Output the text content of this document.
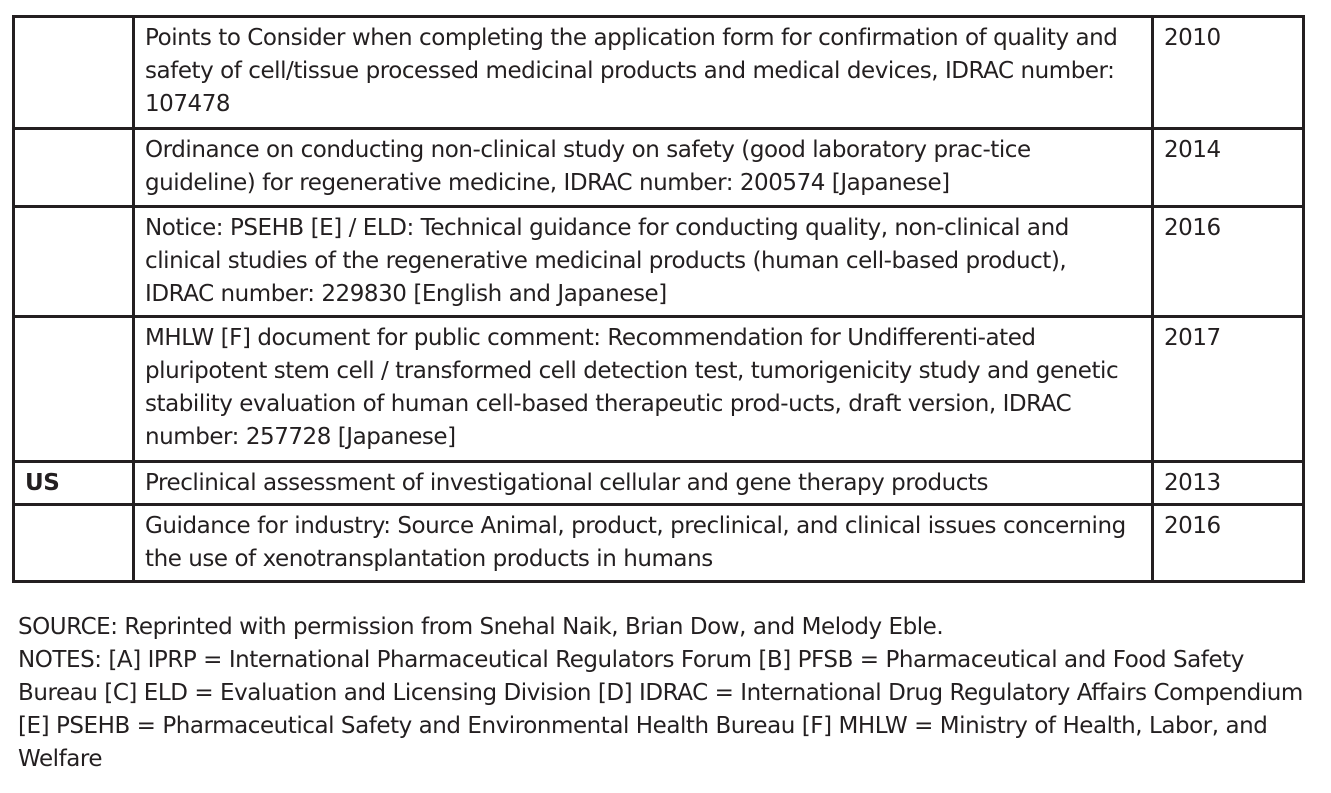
	Points to Consider when completing the application form for confirmation of quality and safety of cell/tissue processed medicinal products and medical devices, IDRAC number: 107478	2010
	Ordinance on conducting non-clinical study on safety (good laboratory prac-tice guideline) for regenerative medicine, IDRAC number: 200574 [Japanese]	2014
	Notice: PSEHB [E] / ELD: Technical guidance for conducting quality, non-clinical and clinical studies of the regenerative medicinal products (human cell-based product), IDRAC number: 229830 [English and Japanese]	2016
	MHLW [F] document for public comment: Recommendation for Undifferenti-ated pluripotent stem cell / transformed cell detection test, tumorigenicity study and genetic stability evaluation of human cell-based therapeutic prod-ucts, draft version, IDRAC number: 257728 [Japanese]	2017
US	Preclinical assessment of investigational cellular and gene therapy products	2013
	Guidance for industry: Source Animal, product, preclinical, and clinical issues concerning the use of xenotransplantation products in humans	2016

SOURCE: Reprinted with permission from Snehal Naik, Brian Dow, and Melody Eble.

NOTES: [A] IPRP = International Pharmaceutical Regulators Forum [B] PFSB = Pharmaceutical and Food Safety Bureau [C] ELD = Evaluation and Licensing Division [D] IDRAC = International Drug Regulatory Affairs Compendium [E] PSEHB = Pharmaceutical Safety and Environmental Health Bureau [F] MHLW = Ministry of Health, Labor, and Welfare
